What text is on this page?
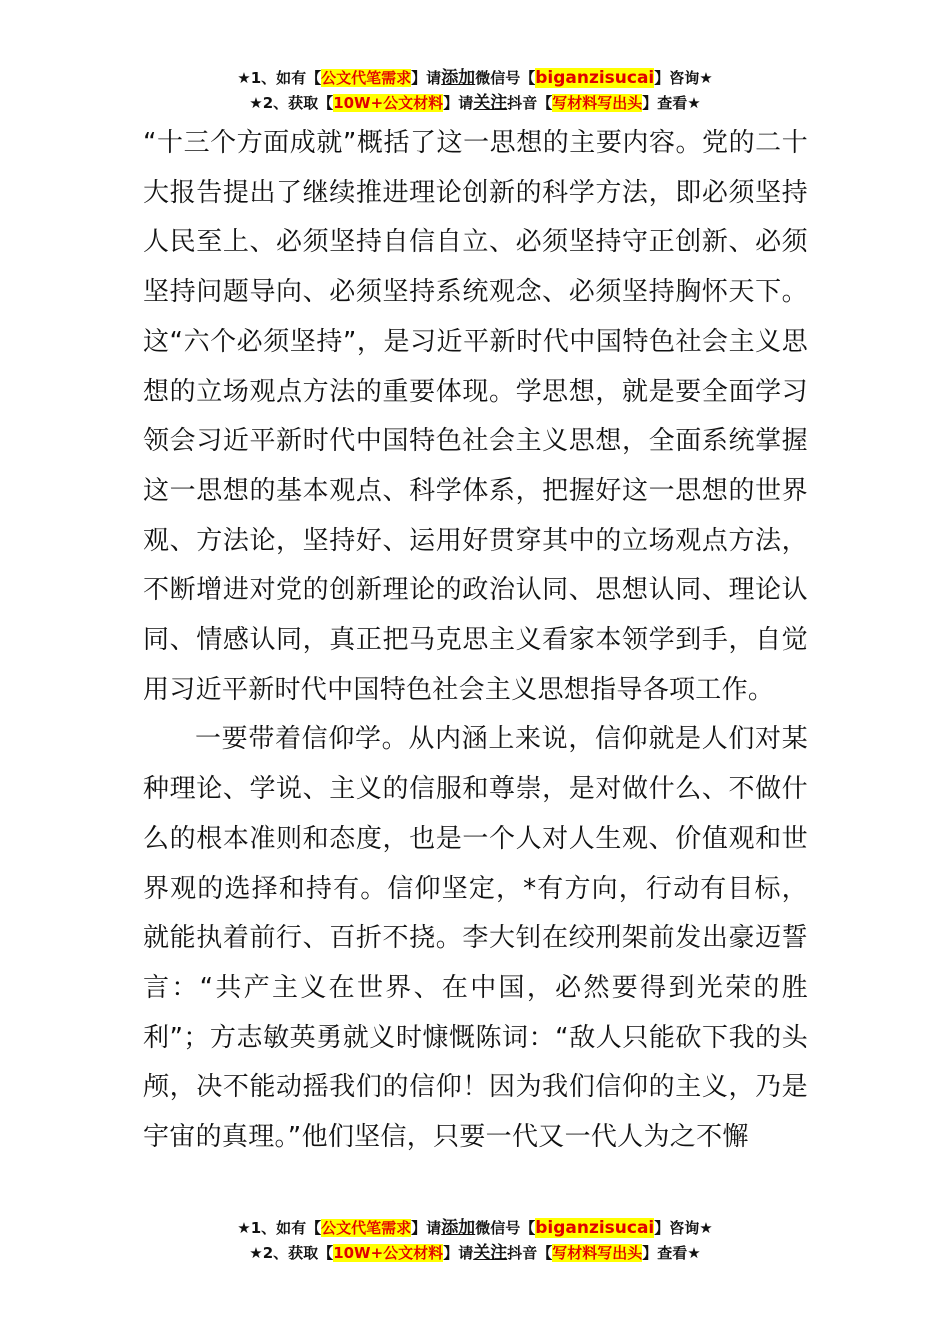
★1、如有【公文代笔需求】请添加微信号【biganzisucai】咨询★
★2、获取【10W+公文材料】请关注抖音【写材料写出头】查看★

“十三个方面成就”概括了这一思想的主要内容。党的二十大报告提出了继续推进理论创新的科学方法，即必须坚持人民至上、必须坚持自信自立、必须坚持守正创新、必须坚持问题导向、必须坚持系统观念、必须坚持胸怀天下。这“六个必须坚持”，是习近平新时代中国特色社会主义思想的立场观点方法的重要体现。学思想，就是要全面学习领会习近平新时代中国特色社会主义思想，全面系统掌握这一思想的基本观点、科学体系，把握好这一思想的世界观、方法论，坚持好、运用好贯穿其中的立场观点方法，不断增进对党的创新理论的政治认同、思想认同、理论认同、情感认同，真正把马克思主义看家本领学到手，自觉用习近平新时代中国特色社会主义思想指导各项工作。

一要带着信仰学。从内涵上来说，信仰就是人们对某种理论、学说、主义的信服和尊崇，是对做什么、不做什么的根本准则和态度，也是一个人对人生观、价值观和世界观的选择和持有。信仰坚定，*有方向，行动有目标，就能执着前行、百折不挠。李大钊在绞刑架前发出豪迈誓言：“共产主义在世界、在中国，必然要得到光荣的胜利”；方志敏英勇就义时慷慨陈词：“敌人只能砍下我的头颅，决不能动摇我们的信仰！因为我们信仰的主义，乃是宇宙的真理。”他们坚信，只要一代又一代人为之不懈

★1、如有【公文代笔需求】请添加微信号【biganzisucai】咨询★
★2、获取【10W+公文材料】请关注抖音【写材料写出头】查看★
